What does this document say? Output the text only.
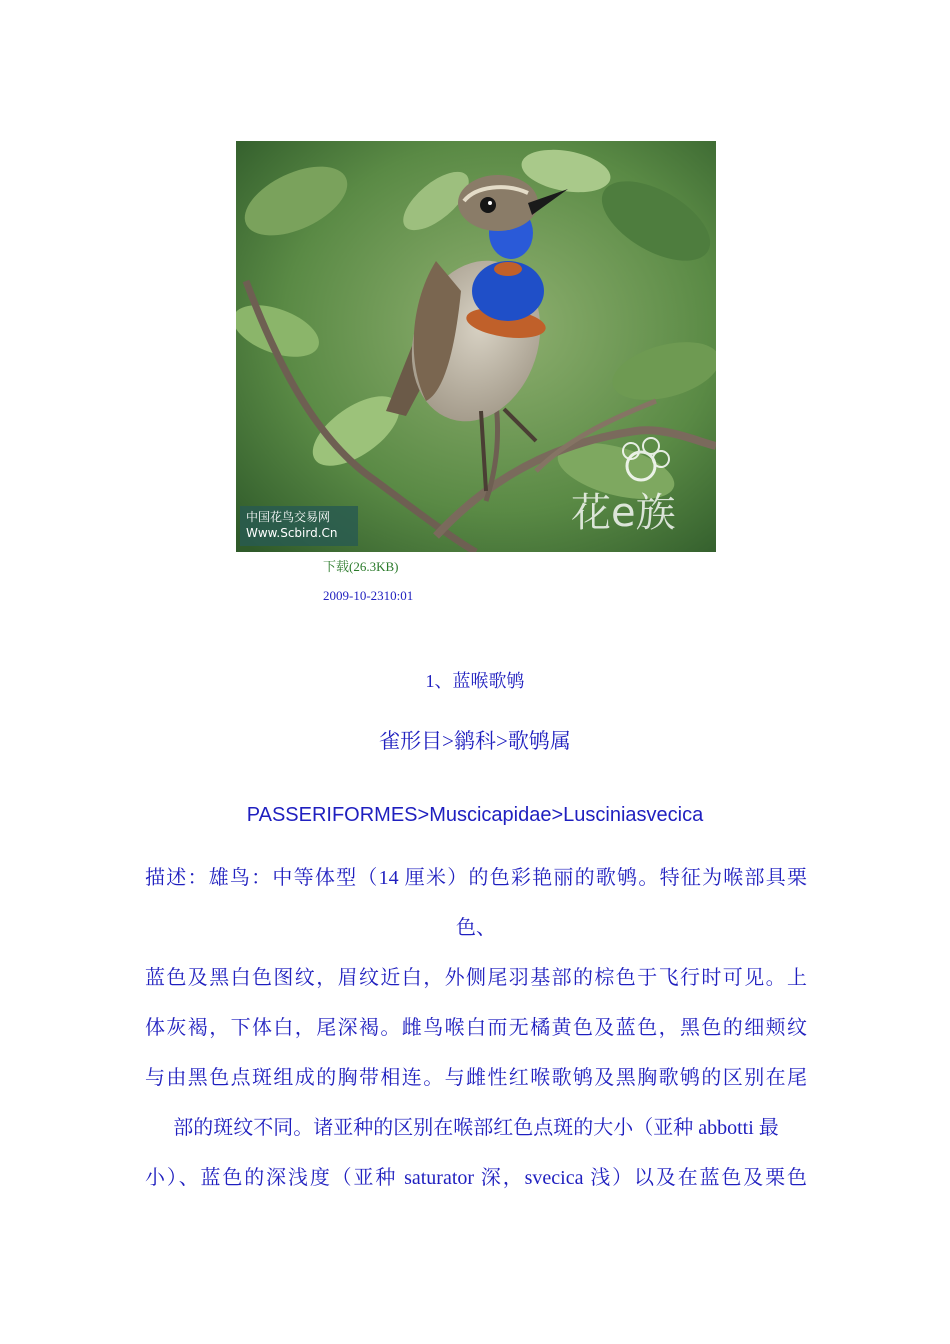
花e族
中国花鸟交易网
Www.Scbird.Cn
下载(26.3KB)
2009-10-2310:01
1、蓝喉歌鸲
雀形目>鹟科>歌鸲属
PASSERIFORMES>Muscicapidae>Lusciniasvecica
描述：雄鸟：中等体型（14 厘米）的色彩艳丽的歌鸲。特征为喉部具栗
色、
蓝色及黑白色图纹，眉纹近白，外侧尾羽基部的棕色于飞行时可见。上
体灰褐，下体白，尾深褐。雌鸟喉白而无橘黄色及蓝色，黑色的细颊纹
与由黑色点斑组成的胸带相连。与雌性红喉歌鸲及黑胸歌鸲的区别在尾
部的斑纹不同。诸亚种的区别在喉部红色点斑的大小（亚种 abbotti 最
小）、蓝色的深浅度（亚种 saturator 深，svecica 浅）以及在蓝色及栗色
